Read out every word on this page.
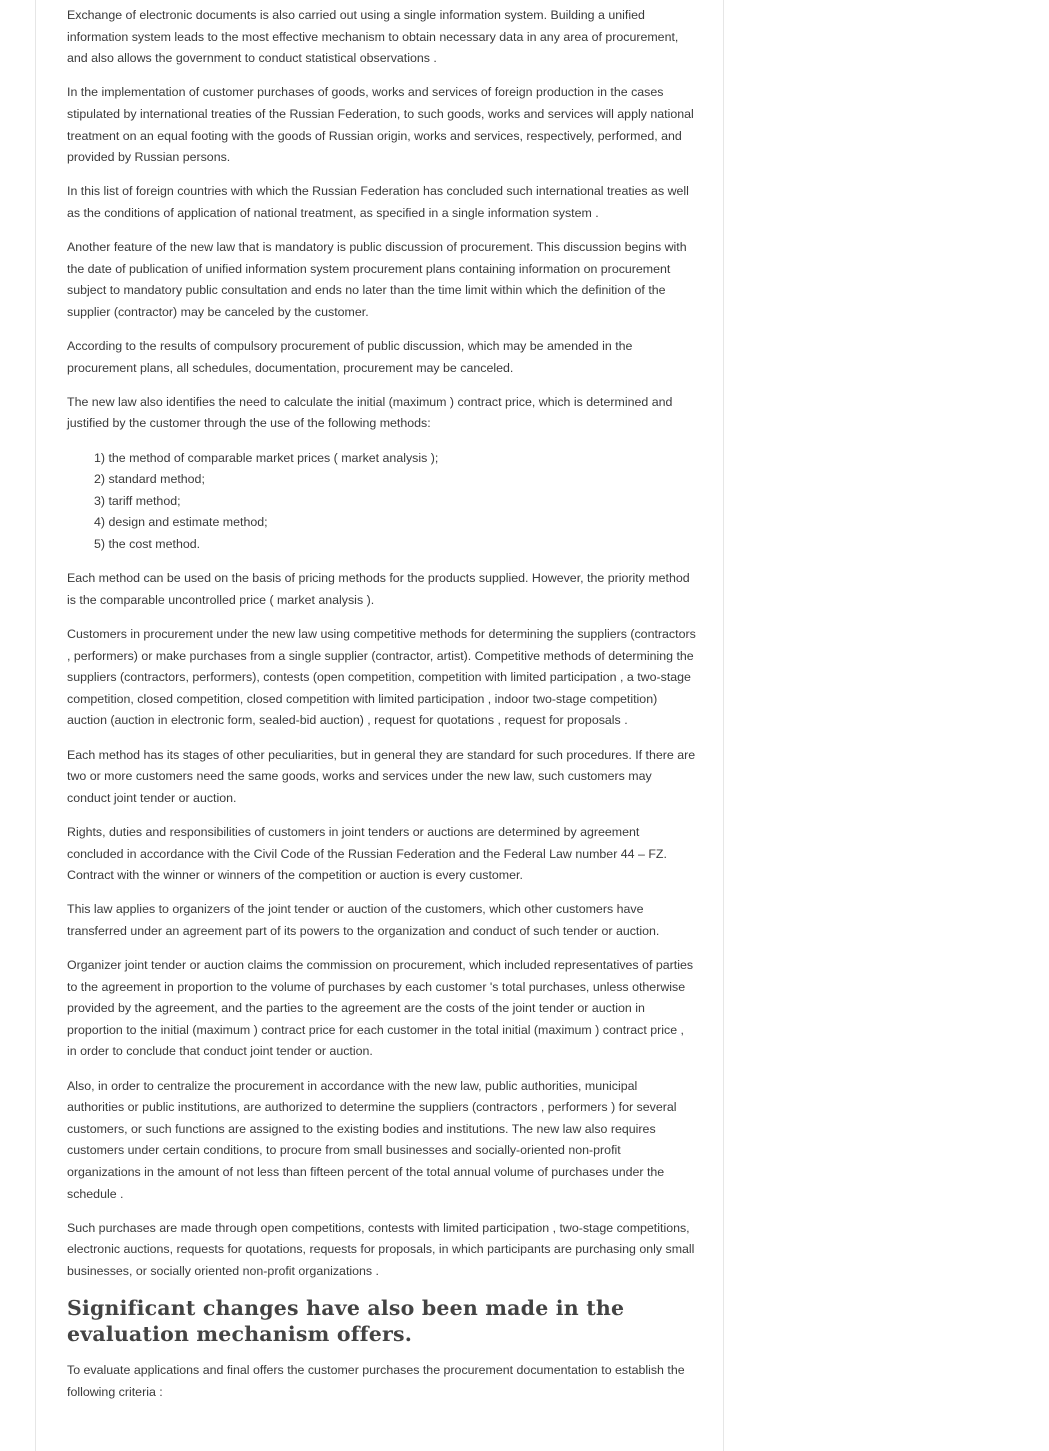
Exchange of electronic documents is also carried out using a single information system. Building a unified information system leads to the most effective mechanism to obtain necessary data in any area of procurement, and also allows the government to conduct statistical observations .

In the implementation of customer purchases of goods, works and services of foreign production in the cases stipulated by international treaties of the Russian Federation, to such goods, works and services will apply national treatment on an equal footing with the goods of Russian origin, works and services, respectively, performed, and provided by Russian persons.

In this list of foreign countries with which the Russian Federation has concluded such international treaties as well as the conditions of application of national treatment, as specified in a single information system .

Another feature of the new law that is mandatory is public discussion of procurement. This discussion begins with the date of publication of unified information system procurement plans containing information on procurement subject to mandatory public consultation and ends no later than the time limit within which the definition of the supplier (contractor) may be canceled by the customer.

According to the results of compulsory procurement of public discussion, which may be amended in the procurement plans, all schedules, documentation, procurement may be canceled.

The new law also identifies the need to calculate the initial (maximum ) contract price, which is determined and justified by the customer through the use of the following methods:

1) the method of comparable market prices ( market analysis );
2) standard method;
3) tariff method;
4) design and estimate method;
5) the cost method.

Each method can be used on the basis of pricing methods for the products supplied. However, the priority method is the comparable uncontrolled price ( market analysis ).

Customers in procurement under the new law using competitive methods for determining the suppliers (contractors , performers) or make purchases from a single supplier (contractor, artist). Competitive methods of determining the suppliers (contractors, performers), contests (open competition, competition with limited participation , a two-stage competition, closed competition, closed competition with limited participation , indoor two-stage competition) auction (auction in electronic form, sealed-bid auction) , request for quotations , request for proposals .

Each method has its stages of other peculiarities, but in general they are standard for such procedures. If there are two or more customers need the same goods, works and services under the new law, such customers may conduct joint tender or auction.

Rights, duties and responsibilities of customers in joint tenders or auctions are determined by agreement concluded in accordance with the Civil Code of the Russian Federation and the Federal Law number 44 – FZ. Contract with the winner or winners of the competition or auction is every customer.

This law applies to organizers of the joint tender or auction of the customers, which other customers have transferred under an agreement part of its powers to the organization and conduct of such tender or auction.

Organizer joint tender or auction claims the commission on procurement, which included representatives of parties to the agreement in proportion to the volume of purchases by each customer 's total purchases, unless otherwise provided by the agreement, and the parties to the agreement are the costs of the joint tender or auction in proportion to the initial (maximum ) contract price for each customer in the total initial (maximum ) contract price , in order to conclude that conduct joint tender or auction.

Also, in order to centralize the procurement in accordance with the new law, public authorities, municipal authorities or public institutions, are authorized to determine the suppliers (contractors , performers ) for several customers, or such functions are assigned to the existing bodies and institutions. The new law also requires customers under certain conditions, to procure from small businesses and socially-oriented non-profit organizations in the amount of not less than fifteen percent of the total annual volume of purchases under the schedule .

Such purchases are made through open competitions, contests with limited participation , two-stage competitions, electronic auctions, requests for quotations, requests for proposals, in which participants are purchasing only small businesses, or socially oriented non-profit organizations .

Significant changes have also been made in the evaluation mechanism offers.

To evaluate applications and final offers the customer purchases the procurement documentation to establish the following criteria :
